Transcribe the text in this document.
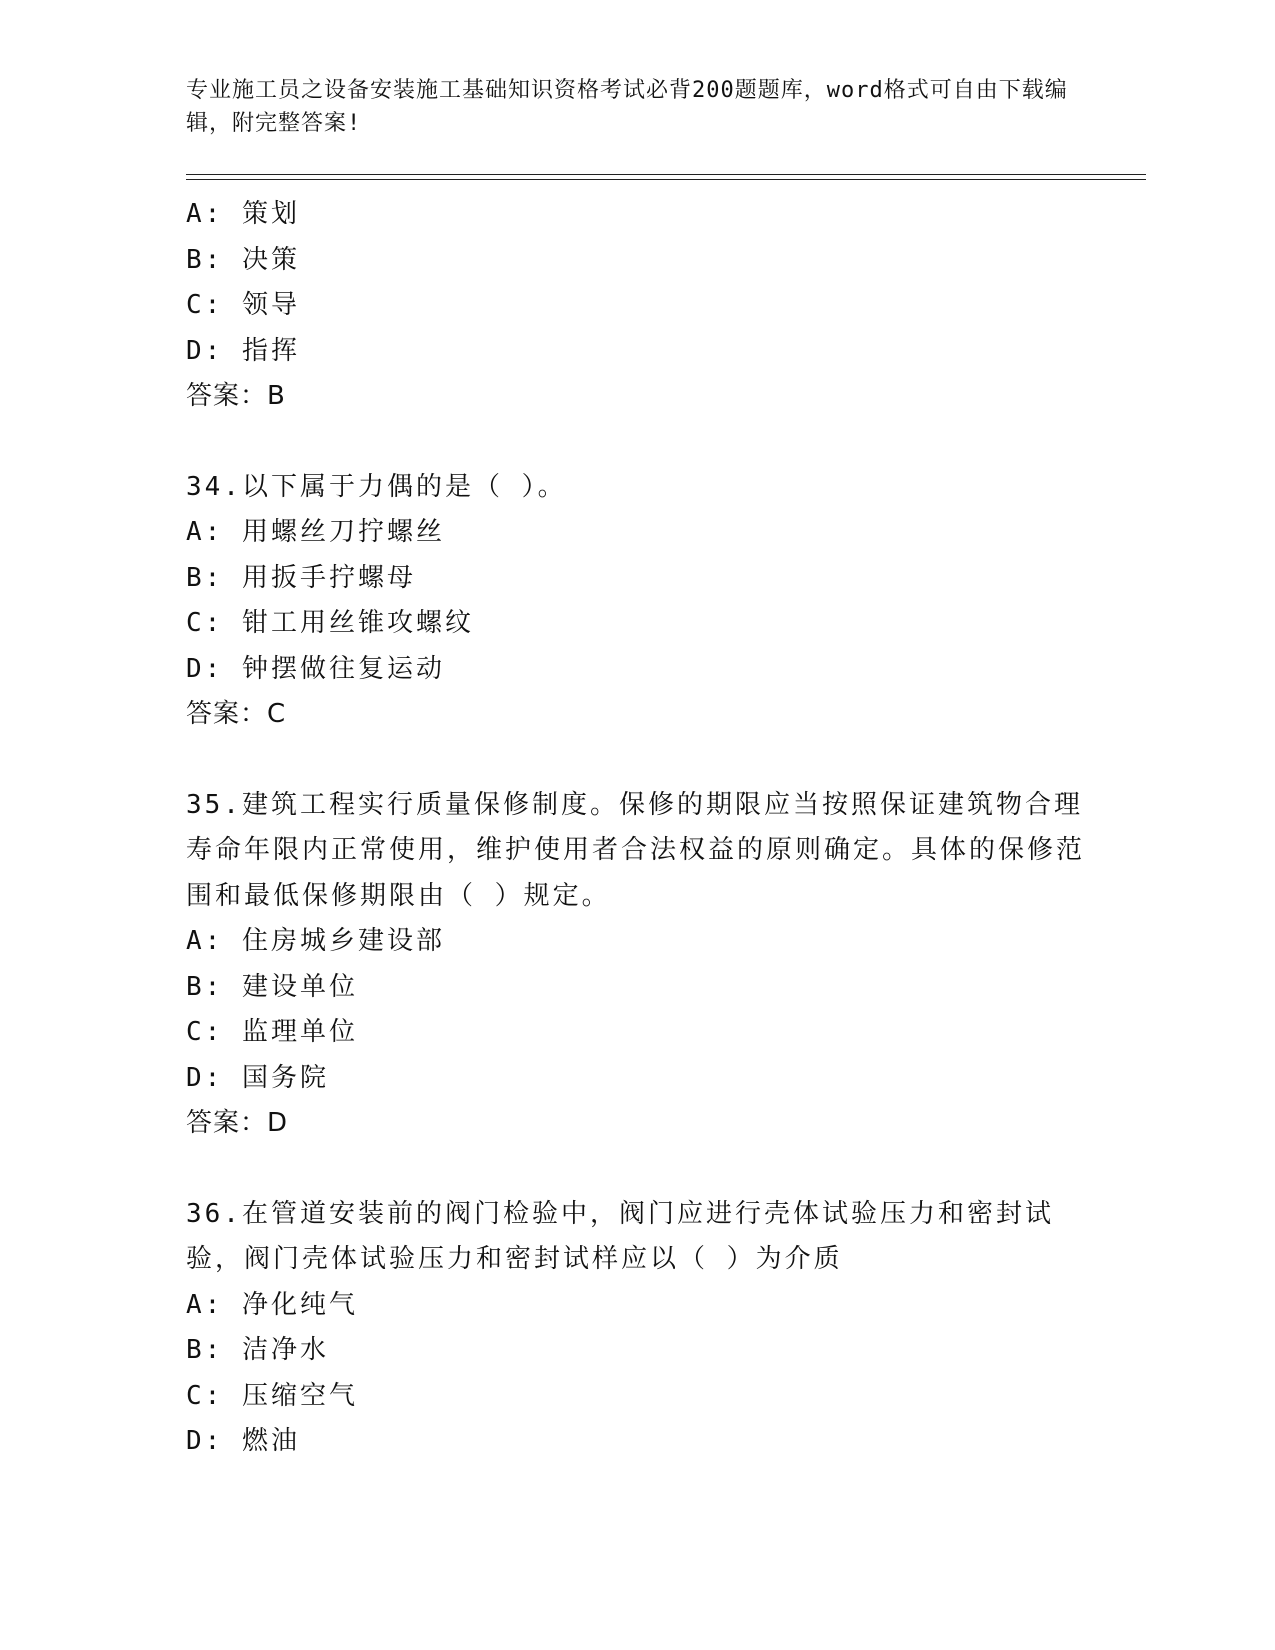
专业施工员之设备安装施工基础知识资格考试必背200题题库，word格式可自由下载编辑，附完整答案!
A: 策划
B: 决策
C: 领导
D: 指挥
答案：B
34.以下属于力偶的是（ ）。
A: 用螺丝刀拧螺丝
B: 用扳手拧螺母
C: 钳工用丝锥攻螺纹
D: 钟摆做往复运动
答案：C
35.建筑工程实行质量保修制度。保修的期限应当按照保证建筑物合理寿命年限内正常使用，维护使用者合法权益的原则确定。具体的保修范围和最低保修期限由（ ）规定。
A: 住房城乡建设部
B: 建设单位
C: 监理单位
D: 国务院
答案：D
36.在管道安装前的阀门检验中，阀门应进行壳体试验压力和密封试验，阀门壳体试验压力和密封试样应以（ ）为介质
A: 净化纯气
B: 洁净水
C: 压缩空气
D: 燃油
